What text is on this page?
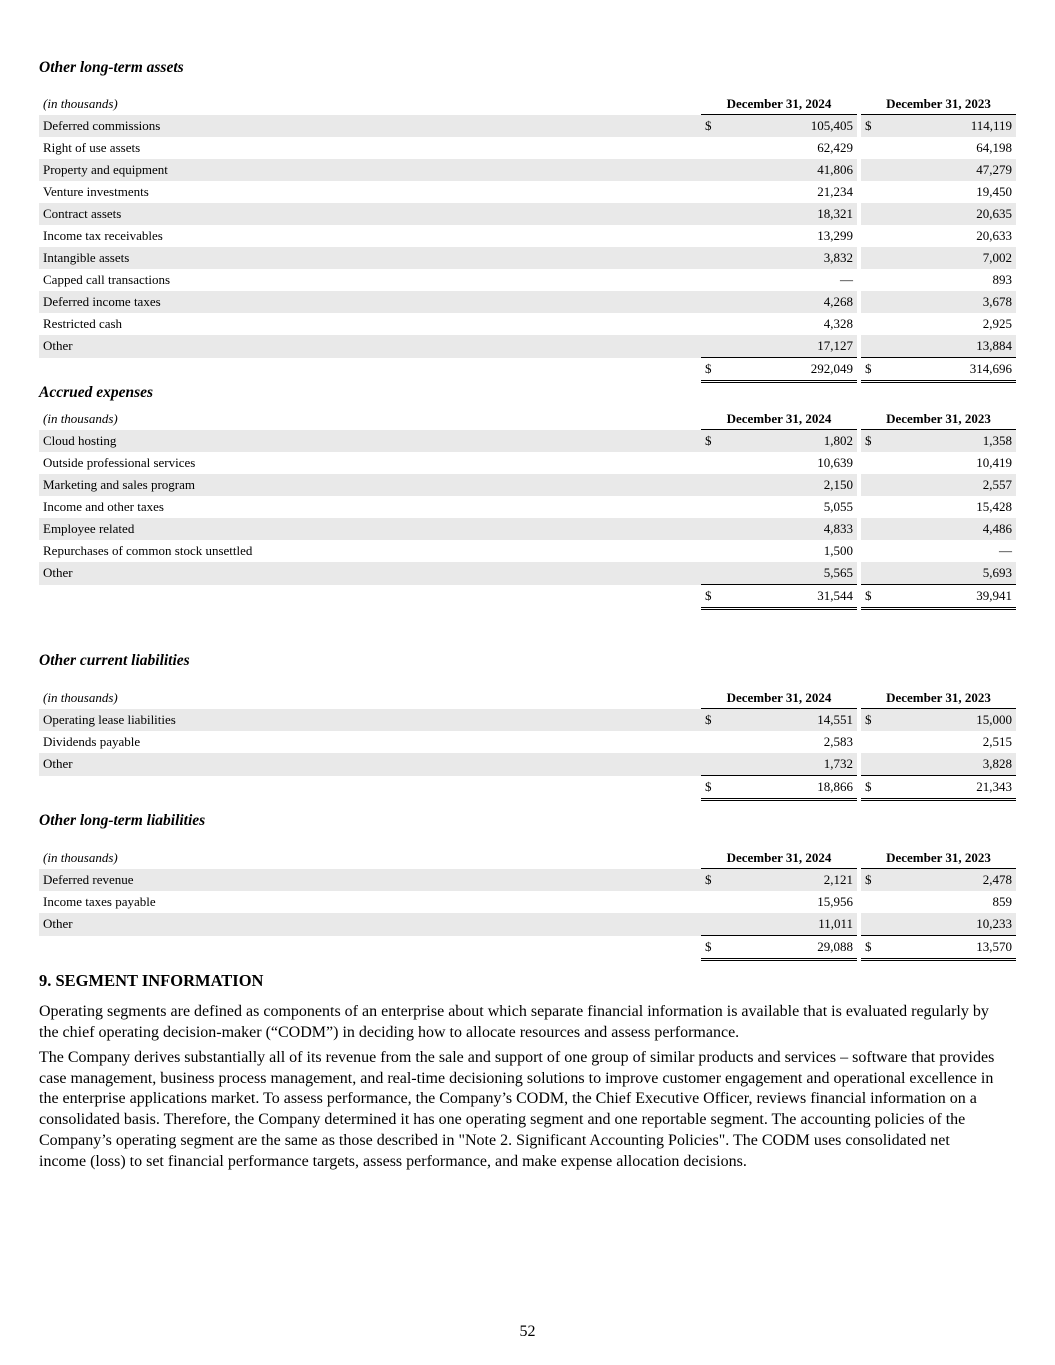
Other long-term assets
(in thousands)	December 31, 2024			December 31, 2023	
Deferred commissions	$	105,405		$	114,119
Right of use assets		62,429			64,198
Property and equipment		41,806			47,279
Venture investments		21,234			19,450
Contract assets		18,321			20,635
Income tax receivables		13,299			20,633
Intangible assets		3,832			7,002
Capped call transactions		—			893
Deferred income taxes		4,268			3,678
Restricted cash		4,328			2,925
Other		17,127			13,884
	$	292,049		$	314,696
Accrued expenses
(in thousands)	December 31, 2024			December 31, 2023	
Cloud hosting	$	1,802		$	1,358
Outside professional services		10,639			10,419
Marketing and sales program		2,150			2,557
Income and other taxes		5,055			15,428
Employee related		4,833			4,486
Repurchases of common stock unsettled		1,500			—
Other		5,565			5,693
	$	31,544		$	39,941
Other current liabilities
(in thousands)	December 31, 2024			December 31, 2023	
Operating lease liabilities	$	14,551		$	15,000
Dividends payable		2,583			2,515
Other		1,732			3,828
	$	18,866		$	21,343
Other long-term liabilities
(in thousands)	December 31, 2024			December 31, 2023	
Deferred revenue	$	2,121		$	2,478
Income taxes payable		15,956			859
Other		11,011			10,233
	$	29,088		$	13,570
9. SEGMENT INFORMATION

Operating segments are defined as components of an enterprise about which separate financial information is available that is evaluated regularly by the chief operating decision-maker (“CODM”) in deciding how to allocate resources and assess performance.

The Company derives substantially all of its revenue from the sale and support of one group of similar products and services – software that provides case management, business process management, and real-time decisioning solutions to improve customer engagement and operational excellence in the enterprise applications market. To assess performance, the Company’s CODM, the Chief Executive Officer, reviews financial information on a consolidated basis. Therefore, the Company determined it has one operating segment and one reportable segment. The accounting policies of the Company’s operating segment are the same as those described in "Note 2. Significant Accounting Policies". The CODM uses consolidated net income (loss) to set financial performance targets, assess performance, and make expense allocation decisions.

52
